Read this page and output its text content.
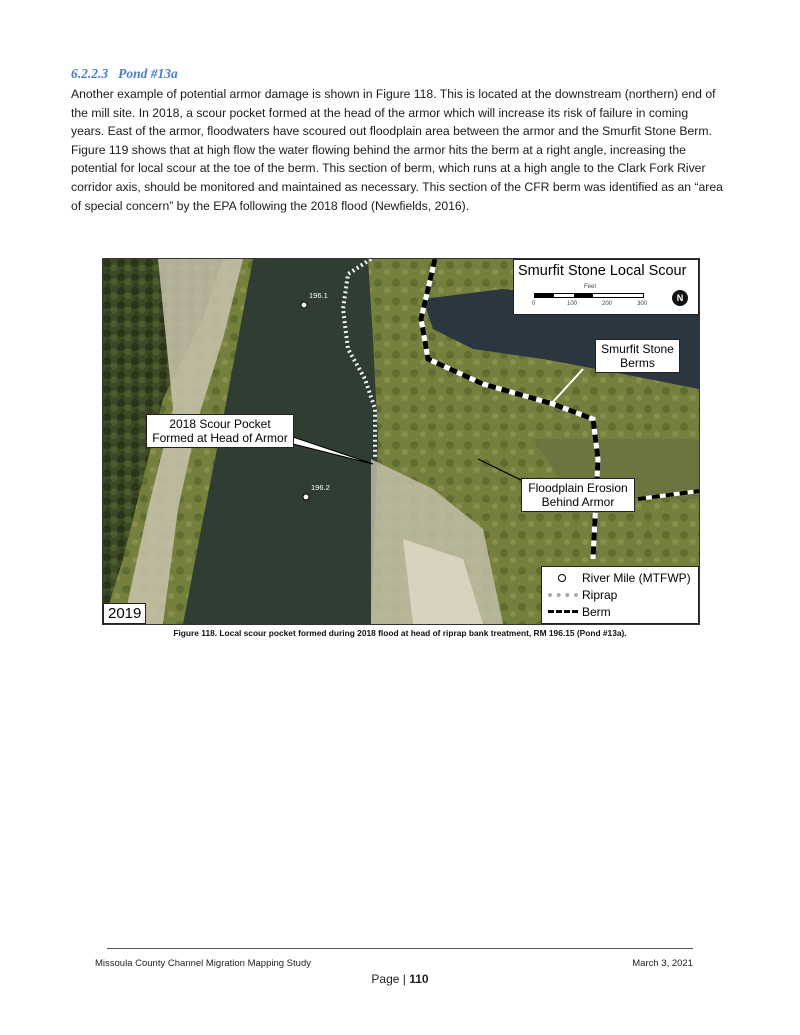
6.2.2.3 Pond #13a

Another example of potential armor damage is shown in Figure 118. This is located at the downstream (northern) end of the mill site. In 2018, a scour pocket formed at the head of the armor which will increase its risk of failure in coming years. East of the armor, floodwaters have scoured out floodplain area between the armor and the Smurfit Stone Berm. Figure 119 shows that at high flow the water flowing behind the armor hits the berm at a right angle, increasing the potential for local scour at the toe of the berm. This section of berm, which runs at a high angle to the Clark Fork River corridor axis, should be monitored and maintained as necessary. This section of the CFR berm was identified as an “area of special concern” by the EPA following the 2018 flood (Newfields, 2016).

196.1
196.2
Smurfit Stone Local Scour
Feet
0	100	200	300
N
2018 Scour Pocket Formed at Head of Armor
Smurfit Stone Berms
Floodplain Erosion Behind Armor
River Mile (MTFWP)
Riprap
Berm
2019

Figure 118. Local scour pocket formed during 2018 flood at head of riprap bank treatment, RM 196.15 (Pond #13a).

Missoula County Channel Migration Mapping Study	March 3, 2021
Page | 110
